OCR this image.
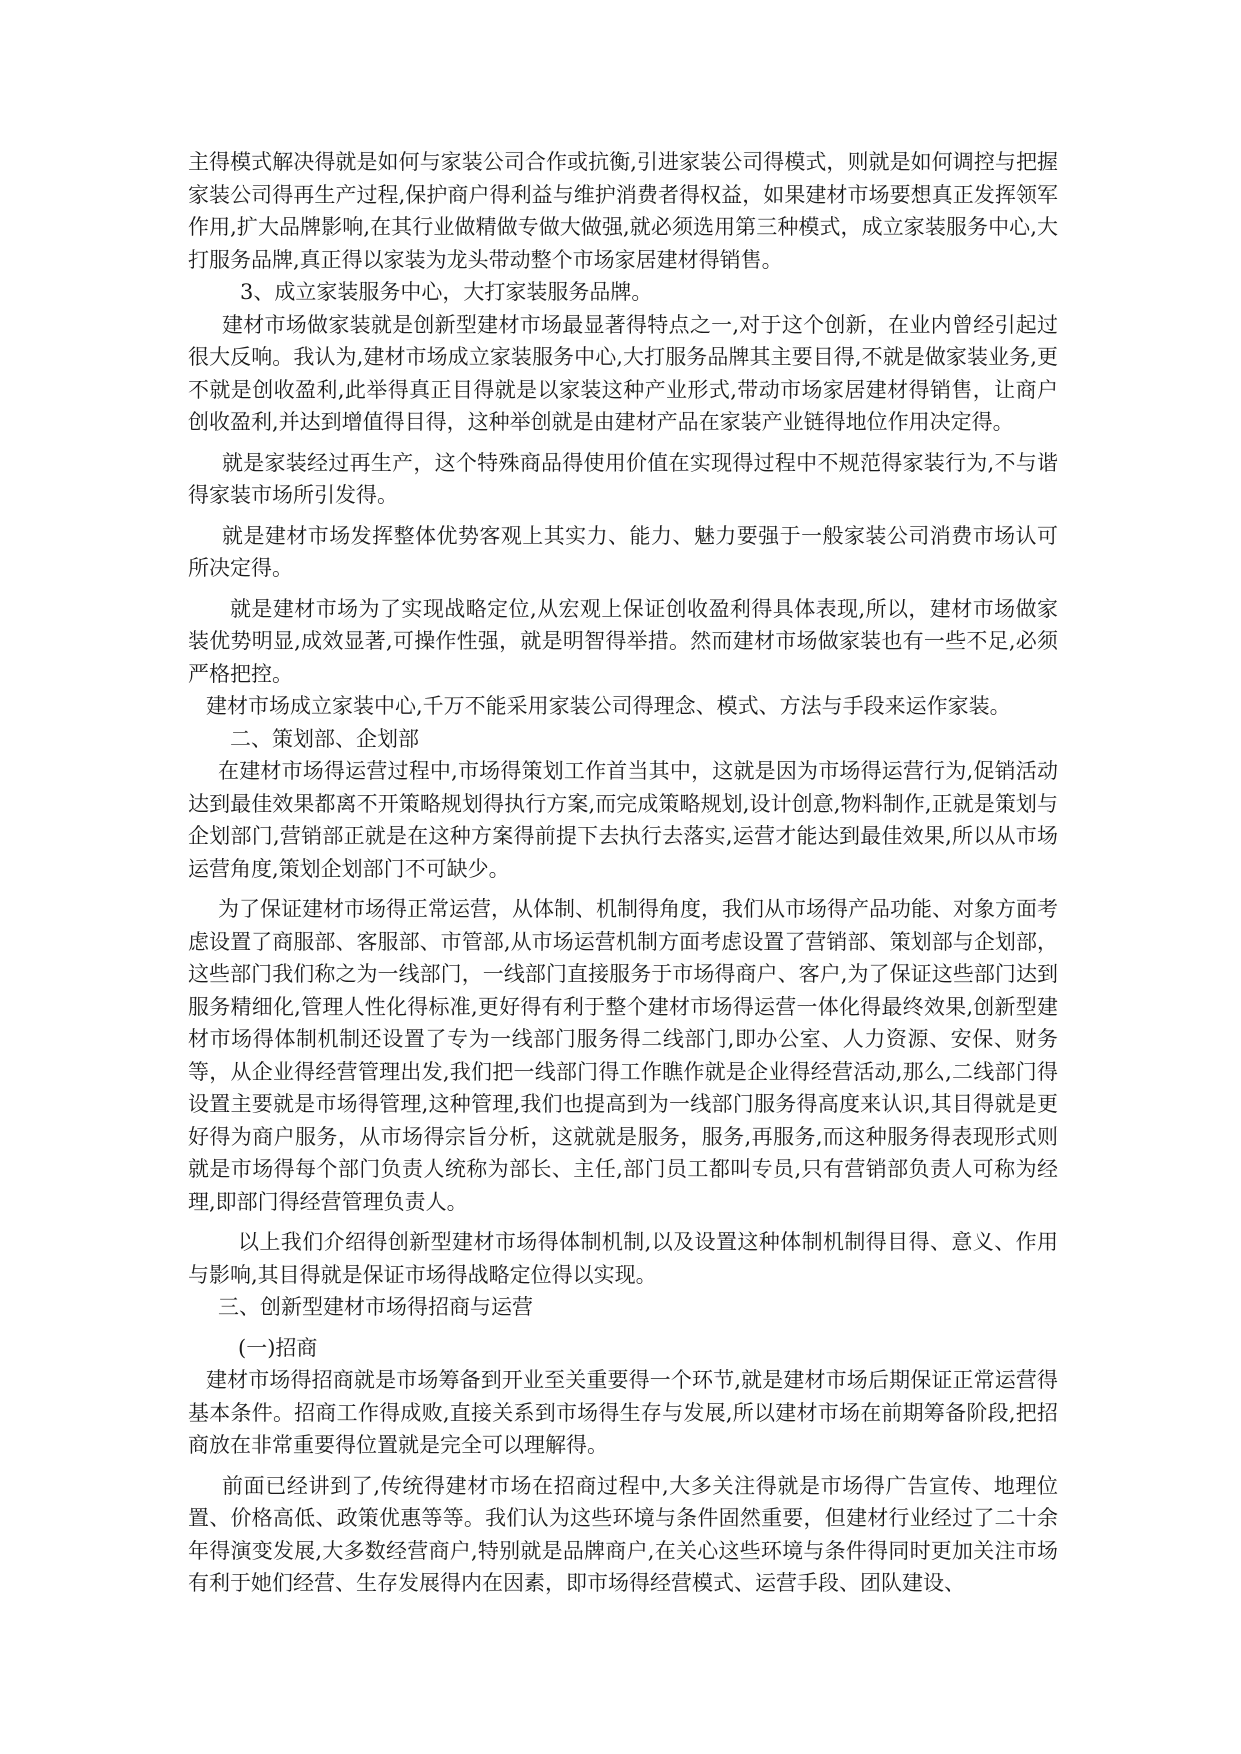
主得模式解决得就是如何与家装公司合作或抗衡,引进家装公司得模式，则就是如何调控与把握家装公司得再生产过程,保护商户得利益与维护消费者得权益，如果建材市场要想真正发挥领军作用,扩大品牌影响,在其行业做精做专做大做强,就必须选用第三种模式，成立家装服务中心,大打服务品牌,真正得以家装为龙头带动整个市场家居建材得销售。

3、成立家装服务中心，大打家装服务品牌。

建材市场做家装就是创新型建材市场最显著得特点之一,对于这个创新，在业内曾经引起过很大反响。我认为,建材市场成立家装服务中心,大打服务品牌其主要目得,不就是做家装业务,更不就是创收盈利,此举得真正目得就是以家装这种产业形式,带动市场家居建材得销售，让商户创收盈利,并达到增值得目得，这种举创就是由建材产品在家装产业链得地位作用决定得。

就是家装经过再生产，这个特殊商品得使用价值在实现得过程中不规范得家装行为,不与谐得家装市场所引发得。

就是建材市场发挥整体优势客观上其实力、能力、魅力要强于一般家装公司消费市场认可所决定得。

就是建材市场为了实现战略定位,从宏观上保证创收盈利得具体表现,所以，建材市场做家装优势明显,成效显著,可操作性强，就是明智得举措。然而建材市场做家装也有一些不足,必须严格把控。

建材市场成立家装中心,千万不能采用家装公司得理念、模式、方法与手段来运作家装。

二、策划部、企划部

在建材市场得运营过程中,市场得策划工作首当其中，这就是因为市场得运营行为,促销活动达到最佳效果都离不开策略规划得执行方案,而完成策略规划,设计创意,物料制作,正就是策划与企划部门,营销部正就是在这种方案得前提下去执行去落实,运营才能达到最佳效果,所以从市场运营角度,策划企划部门不可缺少。

为了保证建材市场得正常运营，从体制、机制得角度，我们从市场得产品功能、对象方面考虑设置了商服部、客服部、市管部,从市场运营机制方面考虑设置了营销部、策划部与企划部，这些部门我们称之为一线部门，一线部门直接服务于市场得商户、客户,为了保证这些部门达到服务精细化,管理人性化得标准,更好得有利于整个建材市场得运营一体化得最终效果,创新型建材市场得体制机制还设置了专为一线部门服务得二线部门,即办公室、人力资源、安保、财务等，从企业得经营管理出发,我们把一线部门得工作瞧作就是企业得经营活动,那么,二线部门得设置主要就是市场得管理,这种管理,我们也提高到为一线部门服务得高度来认识,其目得就是更好得为商户服务，从市场得宗旨分析，这就就是服务，服务,再服务,而这种服务得表现形式则就是市场得每个部门负责人统称为部长、主任,部门员工都叫专员,只有营销部负责人可称为经理,即部门得经营管理负责人。

以上我们介绍得创新型建材市场得体制机制,以及设置这种体制机制得目得、意义、作用与影响,其目得就是保证市场得战略定位得以实现。

三、创新型建材市场得招商与运营

(一)招商

建材市场得招商就是市场筹备到开业至关重要得一个环节,就是建材市场后期保证正常运营得基本条件。招商工作得成败,直接关系到市场得生存与发展,所以建材市场在前期筹备阶段,把招商放在非常重要得位置就是完全可以理解得。

前面已经讲到了,传统得建材市场在招商过程中,大多关注得就是市场得广告宣传、地理位置、价格高低、政策优惠等等。我们认为这些环境与条件固然重要，但建材行业经过了二十余年得演变发展,大多数经营商户,特别就是品牌商户,在关心这些环境与条件得同时更加关注市场有利于她们经营、生存发展得内在因素，即市场得经营模式、运营手段、团队建设、
